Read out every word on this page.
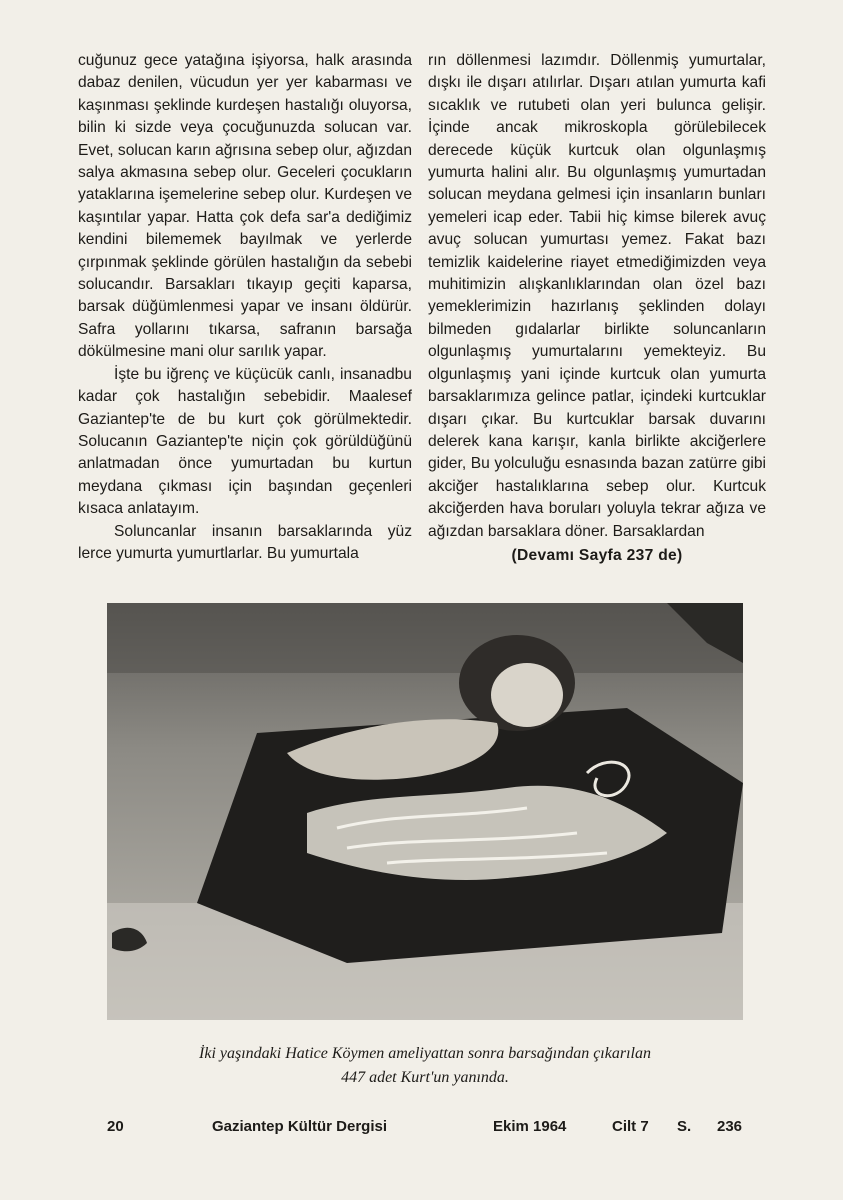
cuğunuz gece yatağına işiyorsa, halk arasında dabaz denilen, vücudun yer yer kabarması ve kaşınması şeklinde kurdeşen hastalığı oluyorsa, bilin ki sizde veya çocuğunuzda solucan var. Evet, solucan karın ağrısına sebep olur, ağızdan salya akmasına sebep olur. Geceleri çocukların yataklarına işemelerine sebep olur. Kurdeşen ve kaşıntılar yapar. Hatta çok defa sar'a dediğimiz kendini bilememek bayılmak ve yerlerde çırpınmak şeklinde görülen hastalığın da sebebi solucandır. Barsakları tıkayıp geçiti kaparsa, barsak düğümlenmesi yapar ve insanı öldürür. Safra yollarını tıkarsa, safranın barsağa dökülmesine mani olur sarılık yapar.

İşte bu iğrenç ve küçücük canlı, insanadbu kadar çok hastalığın sebebidir. Maalesef Gaziantep'te de bu kurt çok görülmektedir. Solucanın Gaziantep'te niçin çok görüldüğünü anlatmadan önce yumurtadan bu kurtun meydana çıkması için başından geçenleri kısaca anlatayım.

Soluncanlar insanın barsaklarında yüz lerce yumurta yumurtlarlar. Bu yumurtala

rın döllenmesi lazımdır. Döllenmiş yumurtalar, dışkı ile dışarı atılırlar. Dışarı atılan yumurta kafi sıcaklık ve rutubeti olan yeri bulunca gelişir. İçinde ancak mikroskopla görülebilecek derecede küçük kurtcuk olan olgunlaşmış yumurta halini alır. Bu olgunlaşmış yumurtadan solucan meydana gelmesi için insanların bunları yemeleri icap eder. Tabii hiç kimse bilerek avuç avuç solucan yumurtası yemez. Fakat bazı temizlik kaidelerine riayet etmediğimizden veya muhitimizin alışkanlıklarından olan özel bazı yemeklerimizin hazırlanış şeklinden dolayı bilmeden gıdalarlar birlikte soluncanların olgunlaşmış yumurtalarını yemekteyiz. Bu olgunlaşmış yani içinde kurtcuk olan yumurta barsaklarımıza gelince patlar, içindeki kurtcuklar dışarı çıkar. Bu kurtcuklar barsak duvarını delerek kana karışır, kanla birlikte akciğerlere gider, Bu yolculuğu esnasında bazan zatürre gibi akciğer hastalıklarına sebep olur. Kurtcuk akciğerden hava boruları yoluyla tekrar ağıza ve ağızdan barsaklara döner. Barsaklardan

(Devamı Sayfa 237 de)
İki yaşındaki Hatice Köymen ameliyattan sonra barsağından çıkarılan
447 adet Kurt'un yanında.
20	Gaziantep Kültür Dergisi	Ekim 1964	Cilt 7 S. 236
